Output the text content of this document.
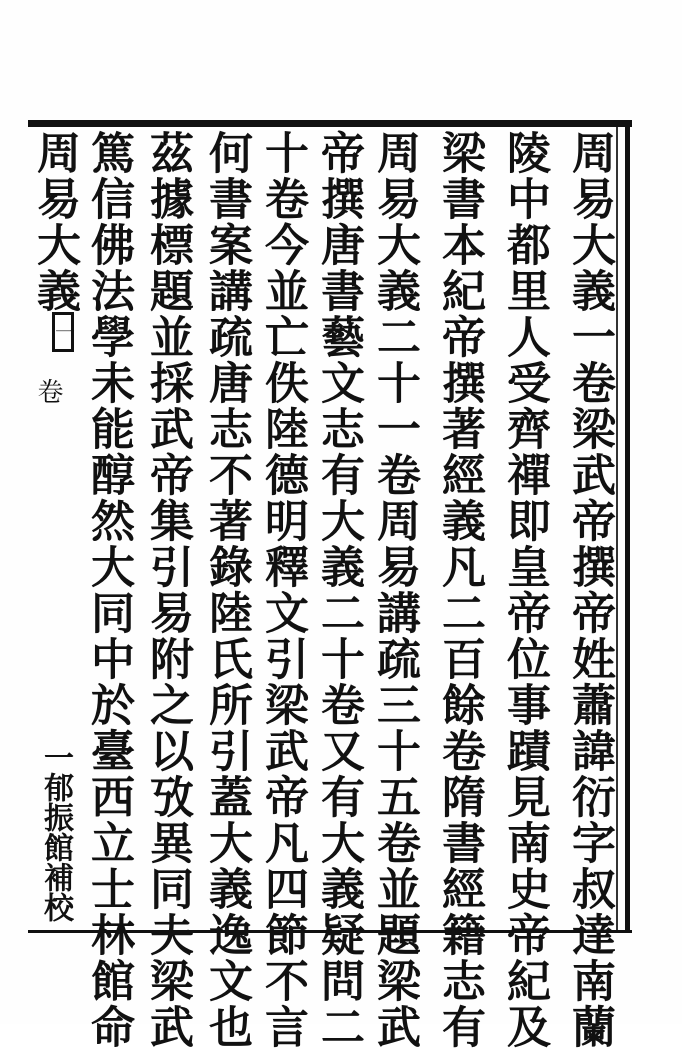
周易大義一卷梁武帝撰帝姓蕭諱衍字叔達南蘭
陵中都里人受齊禪即皇帝位事蹟見南史帝紀及
梁書本紀帝撰著經義凡二百餘卷隋書經籍志有
周易大義二十一卷周易講疏三十五卷並題梁武
帝撰唐書藝文志有大義二十卷又有大義疑問二
十卷今並亡佚陸德明釋文引梁武帝凡四節不言
何書案講疏唐志不著錄陸氏所引蓋大義逸文也
茲據標題並採武帝集引易附之以攷異同夫梁武
篤信佛法學未能醇然大同中於臺西立士林館命
周易大義
一
卷
一郁振館補校
